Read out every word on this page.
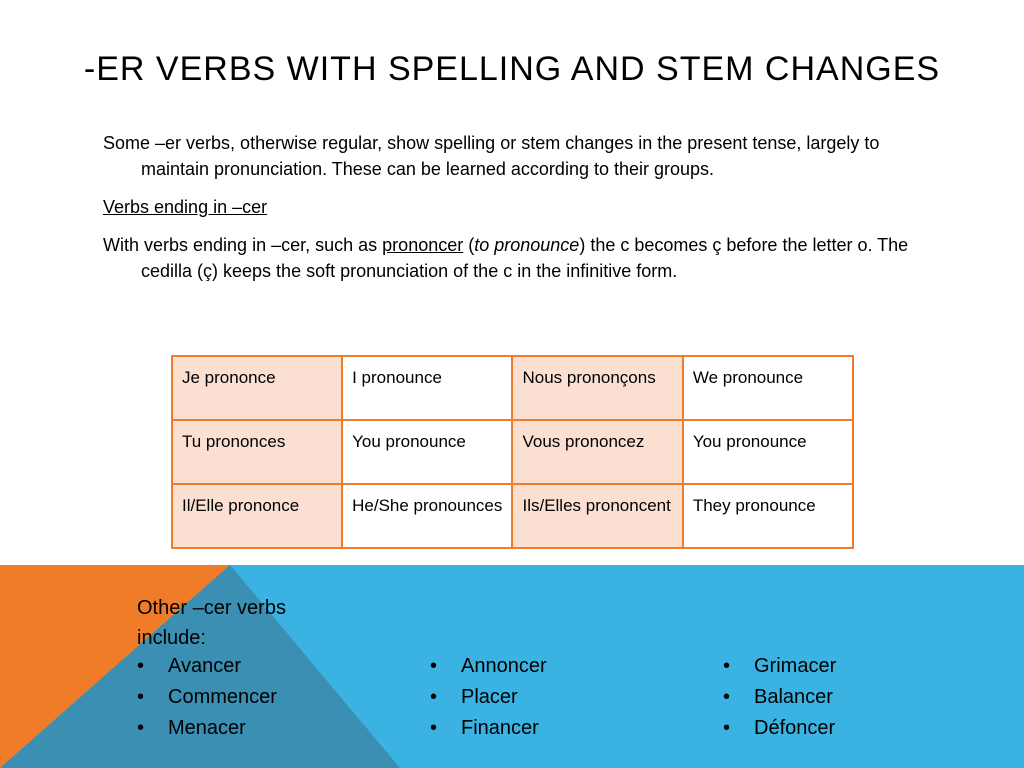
-ER VERBS WITH SPELLING AND STEM CHANGES

Some –er verbs, otherwise regular, show spelling or stem changes in the present tense, largely to maintain pronunciation. These can be learned according to their groups.

Verbs ending in –cer

With verbs ending in –cer, such as prononcer (to pronounce) the c becomes ç before the letter o. The cedilla (ç) keeps the soft pronunciation of the c in the infinitive form.

Je prononce	I pronounce	Nous prononçons	We pronounce
Tu prononces	You pronounce	Vous prononcez	You pronounce
Il/Elle prononce	He/She pronounces	Ils/Elles prononcent	They pronounce
Other –cer verbs include:
• Avancer
• Commencer
• Menacer
• Annoncer
• Placer
• Financer
• Grimacer
• Balancer
• Défoncer
